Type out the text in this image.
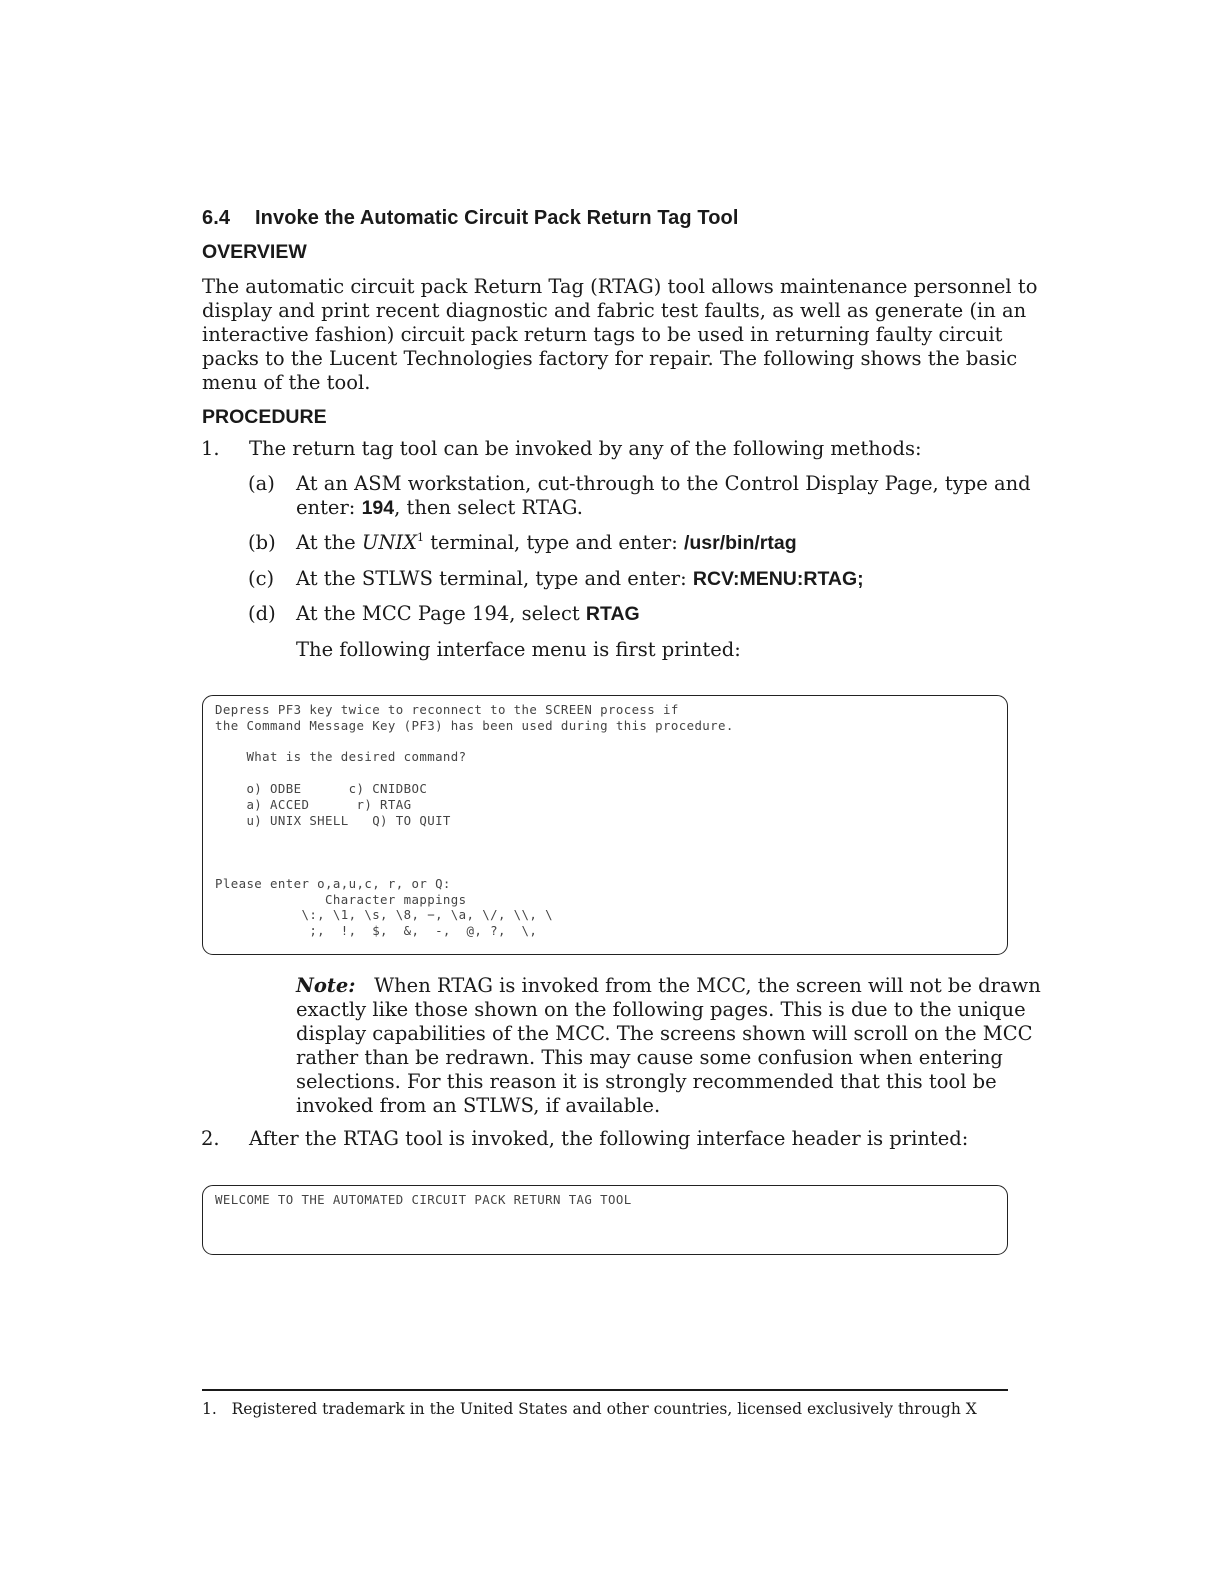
6.4 Invoke the Automatic Circuit Pack Return Tag Tool
OVERVIEW
The automatic circuit pack Return Tag (RTAG) tool allows maintenance personnel to
display and print recent diagnostic and fabric test faults, as well as generate (in an
interactive fashion) circuit pack return tags to be used in returning faulty circuit
packs to the Lucent Technologies factory for repair. The following shows the basic
menu of the tool.
PROCEDURE
1. The return tag tool can be invoked by any of the following methods:
(a) At an ASM workstation, cut-through to the Control Display Page, type and
enter: 194, then select RTAG.
(b) At the UNIX$^1$ terminal, type and enter: /usr/bin/rtag
(c) At the STLWS terminal, type and enter: RCV:MENU:RTAG;
(d) At the MCC Page 194, select RTAG
The following interface menu is first printed:
Depress PF3 key twice to reconnect to the SCREEN process if
the Command Message Key (PF3) has been used during this procedure.

What is the desired command?

o) ODBE      c) CNIDBOC
a) ACCED      r) RTAG
u) UNIX SHELL   Q) TO QUIT

Please enter o,a,u,c, r, or Q:
Character mappings
\:, \1, \s, \8, −, \a, \/, \\, \
;,  !,  $,  &,  -,  @, ?,  \,
Note: When RTAG is invoked from the MCC, the screen will not be drawn
exactly like those shown on the following pages. This is due to the unique
display capabilities of the MCC. The screens shown will scroll on the MCC
rather than be redrawn. This may cause some confusion when entering
selections. For this reason it is strongly recommended that this tool be
invoked from an STLWS, if available.
2. After the RTAG tool is invoked, the following interface header is printed:
WELCOME TO THE AUTOMATED CIRCUIT PACK RETURN TAG TOOL
1. Registered trademark in the United States and other countries, licensed exclusively through X
